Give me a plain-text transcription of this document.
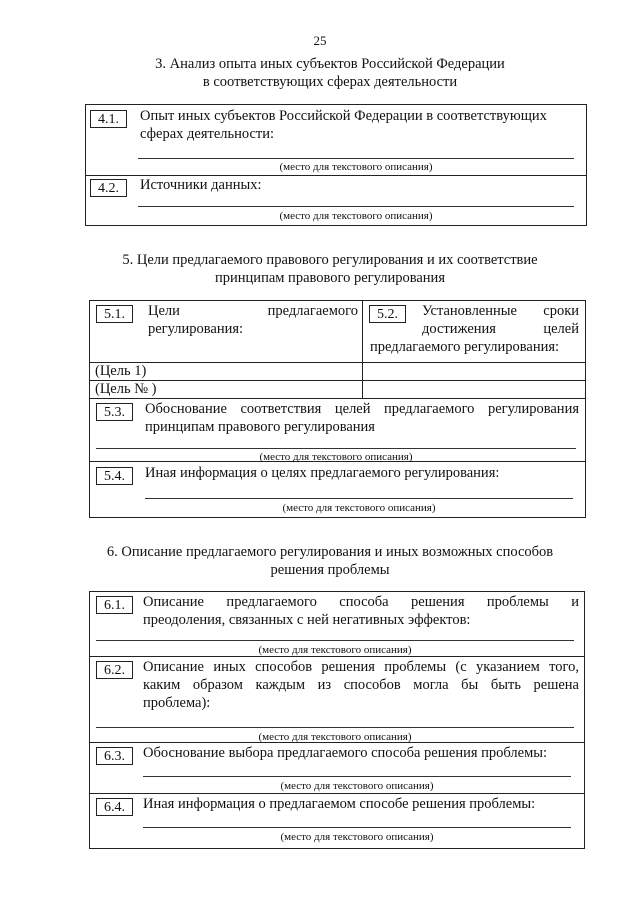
25
3. Анализ опыта иных субъектов Российской Федерации
в соответствующих сферах деятельности
4.1.	Опыт иных субъектов Российской Федерации в соответствующих
сферах деятельности:
(место для текстового описания)
4.2.	Источники данных:
(место для текстового описания)
5. Цели предлагаемого правового регулирования и их соответствие
принципам правового регулирования
5.1.	Цели предлагаемого
регулирования:
5.2.	Установленные сроки
достижения целей
предлагаемого регулирования:
(Цель 1)
(Цель № )
5.3.	Обоснование соответствия целей предлагаемого регулирования
принципам правового регулирования
(место для текстового описания)
5.4.	Иная информация о целях предлагаемого регулирования:
(место для текстового описания)
6. Описание предлагаемого регулирования и иных возможных способов
решения проблемы
6.1.	Описание предлагаемого способа решения проблемы и
преодоления, связанных с ней негативных эффектов:
(место для текстового описания)
6.2.	Описание иных способов решения проблемы (с указанием того,
каким образом каждым из способов могла бы быть решена
проблема):
(место для текстового описания)
6.3.	Обоснование выбора предлагаемого способа решения проблемы:
(место для текстового описания)
6.4.	Иная информация о предлагаемом способе решения проблемы:
(место для текстового описания)
